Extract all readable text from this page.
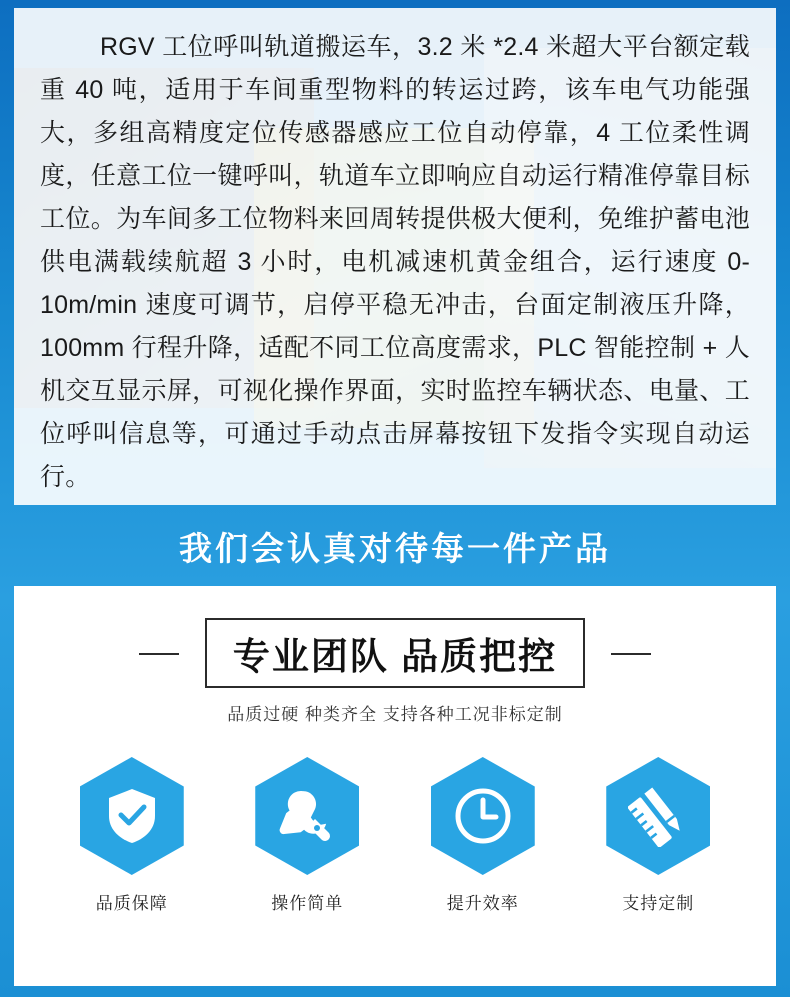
RGV 工位呼叫轨道搬运车，3.2 米 *2.4 米超大平台额定载重 40 吨，适用于车间重型物料的转运过跨，该车电气功能强大，多组高精度定位传感器感应工位自动停靠，4 工位柔性调度，任意工位一键呼叫，轨道车立即响应自动运行精准停靠目标工位。为车间多工位物料来回周转提供极大便利，免维护蓄电池供电满载续航超 3 小时，电机减速机黄金组合，运行速度 0-10m/min 速度可调节，启停平稳无冲击，台面定制液压升降，100mm 行程升降，适配不同工位高度需求，PLC 智能控制 + 人机交互显示屏，可视化操作界面，实时监控车辆状态、电量、工位呼叫信息等，可通过手动点击屏幕按钮下发指令实现自动运行。
我们会认真对待每一件产品
专业团队 品质把控
品质过硬 种类齐全 支持各种工况非标定制
品质保障	操作简单	提升效率	支持定制
